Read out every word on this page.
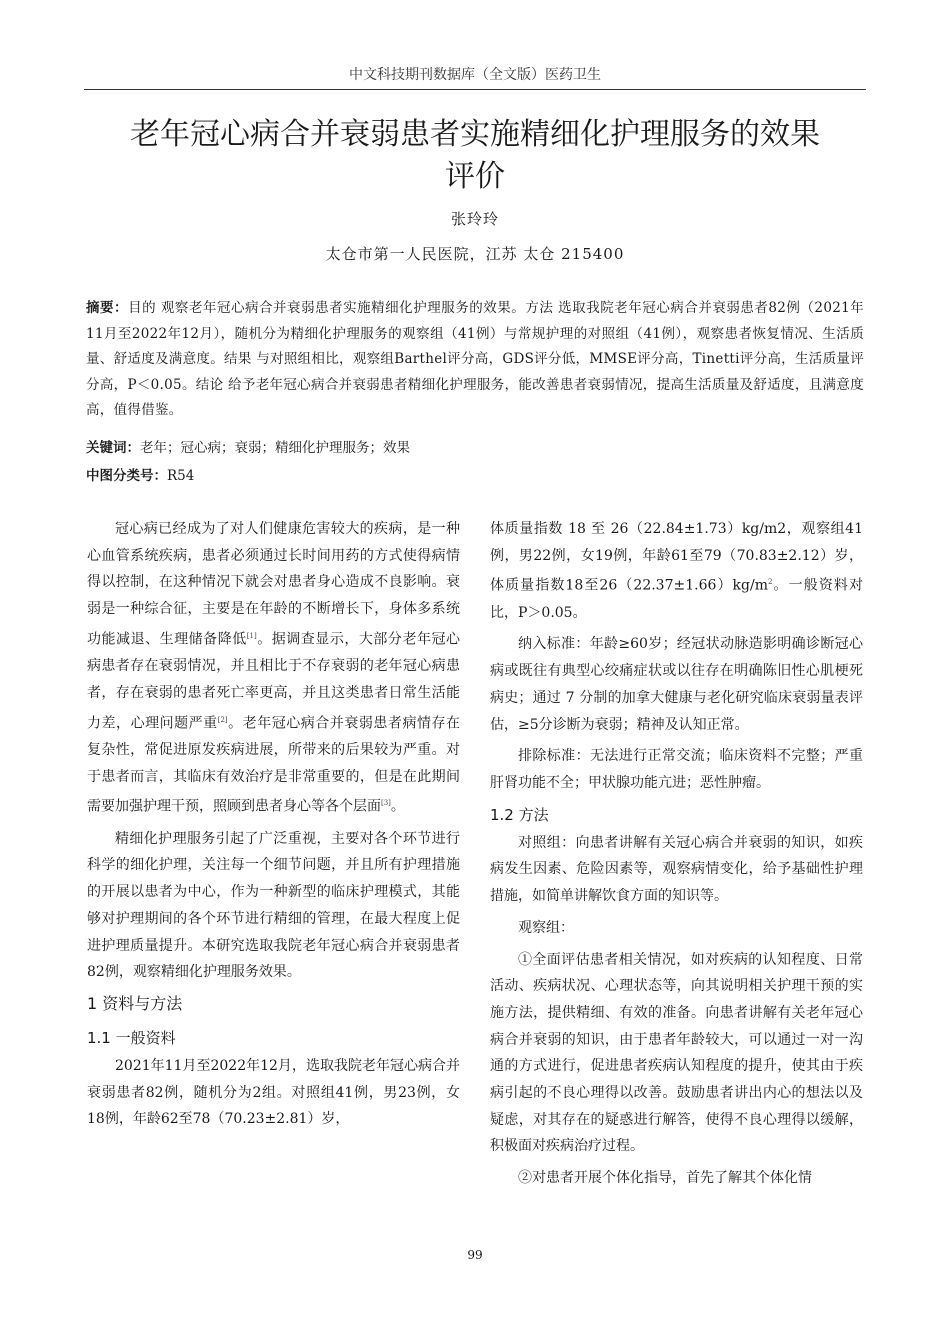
中文科技期刊数据库（全文版）医药卫生
老年冠心病合并衰弱患者实施精细化护理服务的效果
评价
张玲玲
太仓市第一人民医院，江苏 太仓 215400
摘要：目的 观察老年冠心病合并衰弱患者实施精细化护理服务的效果。方法 选取我院老年冠心病合并衰弱患者82例（2021年11月至2022年12月），随机分为精细化护理服务的观察组（41例）与常规护理的对照组（41例），观察患者恢复情况、生活质量、舒适度及满意度。结果 与对照组相比，观察组Barthel评分高，GDS评分低，MMSE评分高，Tinetti评分高，生活质量评分高，P＜0.05。结论 给予老年冠心病合并衰弱患者精细化护理服务，能改善患者衰弱情况，提高生活质量及舒适度，且满意度高，值得借鉴。
关键词：老年；冠心病；衰弱；精细化护理服务；效果
中图分类号：R54

冠心病已经成为了对人们健康危害较大的疾病，是一种心血管系统疾病，患者必须通过长时间用药的方式使得病情得以控制，在这种情况下就会对患者身心造成不良影响。衰弱是一种综合征，主要是在年龄的不断增长下，身体多系统功能减退、生理储备降低[1]。据调查显示，大部分老年冠心病患者存在衰弱情况，并且相比于不存衰弱的老年冠心病患者，存在衰弱的患者死亡率更高，并且这类患者日常生活能力差，心理问题严重[2]。老年冠心病合并衰弱患者病情存在复杂性，常促进原发疾病进展，所带来的后果较为严重。对于患者而言，其临床有效治疗是非常重要的，但是在此期间需要加强护理干预，照顾到患者身心等各个层面[3]。

精细化护理服务引起了广泛重视，主要对各个环节进行科学的细化护理，关注每一个细节问题，并且所有护理措施的开展以患者为中心，作为一种新型的临床护理模式，其能够对护理期间的各个环节进行精细的管理，在最大程度上促进护理质量提升。本研究选取我院老年冠心病合并衰弱患者82例，观察精细化护理服务效果。

1 资料与方法
1.1 一般资料

2021年11月至2022年12月，选取我院老年冠心病合并衰弱患者82例，随机分为2组。对照组41例，男23例，女18例，年龄62至78（70.23±2.81）岁，

体质量指数 18 至 26（22.84±1.73）kg/m2，观察组41例，男22例，女19例，年龄61至79（70.83±2.12）岁，体质量指数18至$26(22.37\pm 1.66)kg/m^2$。一般资料对比，P＞0.05。

纳入标准：年龄≥60岁；经冠状动脉造影明确诊断冠心病或既往有典型心绞痛症状或以往存在明确陈旧性心肌梗死病史；通过 7 分制的加拿大健康与老化研究临床衰弱量表评估，≥5分诊断为衰弱；精神及认知正常。

排除标准：无法进行正常交流；临床资料不完整；严重肝肾功能不全；甲状腺功能亢进；恶性肿瘤。

1.2 方法

对照组：向患者讲解有关冠心病合并衰弱的知识，如疾病发生因素、危险因素等，观察病情变化，给予基础性护理措施，如简单讲解饮食方面的知识等。

观察组：

①全面评估患者相关情况，如对疾病的认知程度、日常活动、疾病状况、心理状态等，向其说明相关护理干预的实施方法，提供精细、有效的准备。向患者讲解有关老年冠心病合并衰弱的知识，由于患者年龄较大，可以通过一对一沟通的方式进行，促进患者疾病认知程度的提升，使其由于疾病引起的不良心理得以改善。鼓励患者讲出内心的想法以及疑虑，对其存在的疑惑进行解答，使得不良心理得以缓解，积极面对疾病治疗过程。

②对患者开展个体化指导，首先了解其个体化情

99
